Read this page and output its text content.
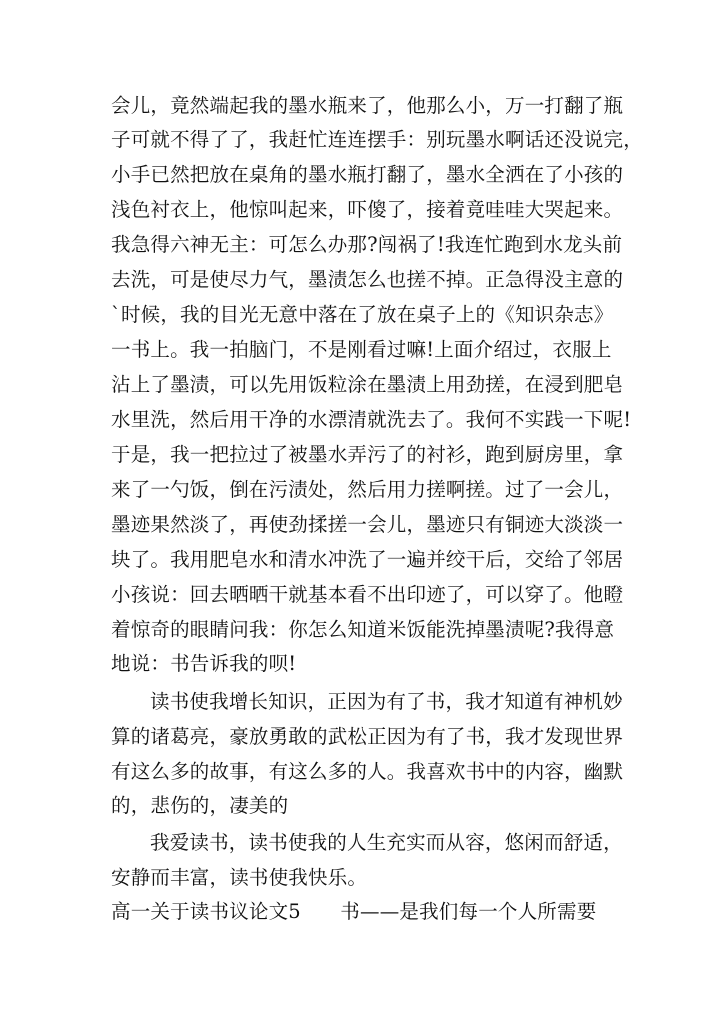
会儿，竟然端起我的墨水瓶来了，他那么小，万一打翻了瓶
子可就不得了了，我赶忙连连摆手：别玩墨水啊话还没说完，
小手已然把放在桌角的墨水瓶打翻了，墨水全洒在了小孩的
浅色衬衣上，他惊叫起来，吓傻了，接着竟哇哇大哭起来。
我急得六神无主：可怎么办那?闯祸了!我连忙跑到水龙头前
去洗，可是使尽力气，墨渍怎么也搓不掉。正急得没主意的
`时候，我的目光无意中落在了放在桌子上的《知识杂志》
一书上。我一拍脑门，不是刚看过嘛!上面介绍过，衣服上
沾上了墨渍，可以先用饭粒涂在墨渍上用劲搓，在浸到肥皂
水里洗，然后用干净的水漂清就洗去了。我何不实践一下呢!
于是，我一把拉过了被墨水弄污了的衬衫，跑到厨房里，拿
来了一勺饭，倒在污渍处，然后用力搓啊搓。过了一会儿，
墨迹果然淡了，再使劲揉搓一会儿，墨迹只有铜迹大淡淡一
块了。我用肥皂水和清水冲洗了一遍并绞干后，交给了邻居
小孩说：回去晒晒干就基本看不出印迹了，可以穿了。他瞪
着惊奇的眼睛问我：你怎么知道米饭能洗掉墨渍呢?我得意
地说：书告诉我的呗!
读书使我增长知识，正因为有了书，我才知道有神机妙
算的诸葛亮，豪放勇敢的武松正因为有了书，我才发现世界
有这么多的故事，有这么多的人。我喜欢书中的内容，幽默
的，悲伤的，凄美的
我爱读书，读书使我的人生充实而从容，悠闲而舒适，
安静而丰富，读书使我快乐。
高一关于读书议论文5　　书——是我们每一个人所需要
